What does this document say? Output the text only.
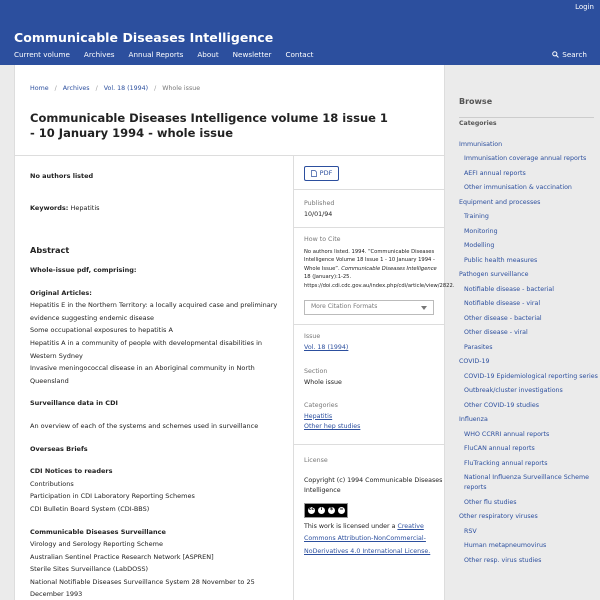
Login
Communicable Diseases Intelligence
Current volume Archives Annual Reports About Newsletter Contact	Search
Home / Archives / Vol. 18 (1994) / Whole issue
Communicable Diseases Intelligence volume 18 issue 1 - 10 January 1994 - whole issue
No authors listed
Keywords: Hepatitis
Abstract

Whole-issue pdf, comprising:

Original Articles:
Hepatitis E in the Northern Territory: a locally acquired case and preliminary evidence suggesting endemic disease
Some occupational exposures to hepatitis A
Hepatitis A in a community of people with developmental disabilities in Western Sydney
Invasive meningococcal disease in an Aboriginal community in North Queensland

Surveillance data in CDI

An overview of each of the systems and schemes used in surveillance

Overseas Briefs

CDI Notices to readers
Contributions
Participation in CDI Laboratory Reporting Schemes
CDI Bulletin Board System (CDI-BBS)

Communicable Diseases Surveillance
Virology and Serology Reporting Scheme
Australian Sentinel Practice Research Network [ASPREN]
Sterile Sites Surveillance (LabDOSS)
National Notifiable Diseases Surveillance System 28 November to 25 December 1993

PDF
Published
10/01/94
How to Cite
No authors listed. 1994. “Communicable Diseases Intelligence Volume 18 Issue 1 - 10 January 1994 - Whole Issue”. Communicable Diseases Intelligence 18 (January):1-25. https://doi.cdi.cdc.gov.au/index.php/cdi/article/view/2822.
More Citation Formats
Issue
Vol. 18 (1994)
Section
Whole issue
Categories
Hepatitis
Other hep studies
License
Copyright (c) 1994 Communicable Diseases Intelligence
cc	i	$	=
This work is licensed under a Creative Commons Attribution-NonCommercial-NoDerivatives 4.0 International License.
Browse
Categories
Immunisation
Immunisation coverage annual reports
AEFI annual reports
Other immunisation & vaccination
Equipment and processes
Training
Monitoring
Modelling
Public health measures
Pathogen surveillance
Notifiable disease - bacterial
Notifiable disease - viral
Other disease - bacterial
Other disease - viral
Parasites
COVID-19
COVID-19 Epidemiological reporting series
Outbreak/cluster investigations
Other COVID-19 studies
Influenza
WHO CCRRI annual reports
FluCAN annual reports
FluTracking annual reports
National Influenza Surveillance Scheme reports
Other flu studies
Other respiratory viruses
RSV
Human metapneumovirus
Other resp. virus studies
